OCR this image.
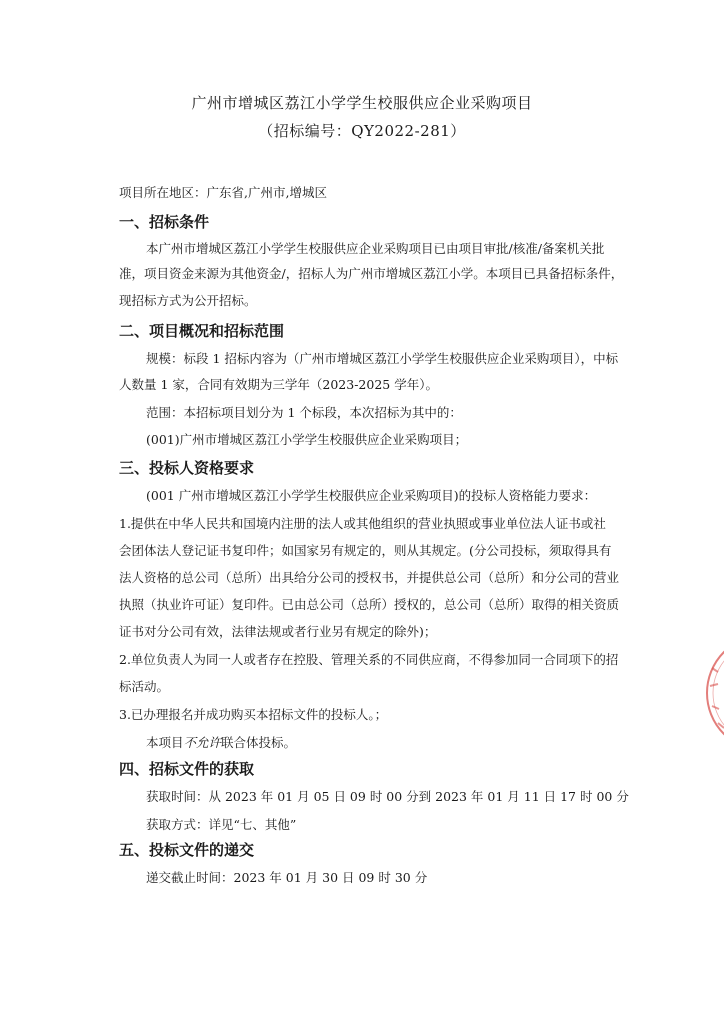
广州市增城区荔江小学学生校服供应企业采购项目
（招标编号：QY2022-281）
项目所在地区：广东省,广州市,增城区
一、招标条件
本广州市增城区荔江小学学生校服供应企业采购项目已由项目审批/核准/备案机关批
准，项目资金来源为其他资金/，招标人为广州市增城区荔江小学。本项目已具备招标条件，
现招标方式为公开招标。
二、项目概况和招标范围
规模：标段 1 招标内容为（广州市增城区荔江小学学生校服供应企业采购项目），中标
人数量 1 家，合同有效期为三学年（2023-2025 学年）。
范围：本招标项目划分为 1 个标段，本次招标为其中的：
(001)广州市增城区荔江小学学生校服供应企业采购项目；
三、投标人资格要求
(001 广州市增城区荔江小学学生校服供应企业采购项目)的投标人资格能力要求：
1.提供在中华人民共和国境内注册的法人或其他组织的营业执照或事业单位法人证书或社
会团体法人登记证书复印件；如国家另有规定的，则从其规定。(分公司投标，须取得具有
法人资格的总公司（总所）出具给分公司的授权书，并提供总公司（总所）和分公司的营业
执照（执业许可证）复印件。已由总公司（总所）授权的，总公司（总所）取得的相关资质
证书对分公司有效，法律法规或者行业另有规定的除外)；
2.单位负责人为同一人或者存在控股、管理关系的不同供应商，不得参加同一合同项下的招
标活动。
3.已办理报名并成功购买本招标文件的投标人。；
本项目不允许联合体投标。
四、招标文件的获取
获取时间：从 2023 年 01 月 05 日 09 时 00 分到 2023 年 01 月 11 日 17 时 00 分
获取方式：详见“七、其他”
五、投标文件的递交
递交截止时间：2023 年 01 月 30 日 09 时 30 分
